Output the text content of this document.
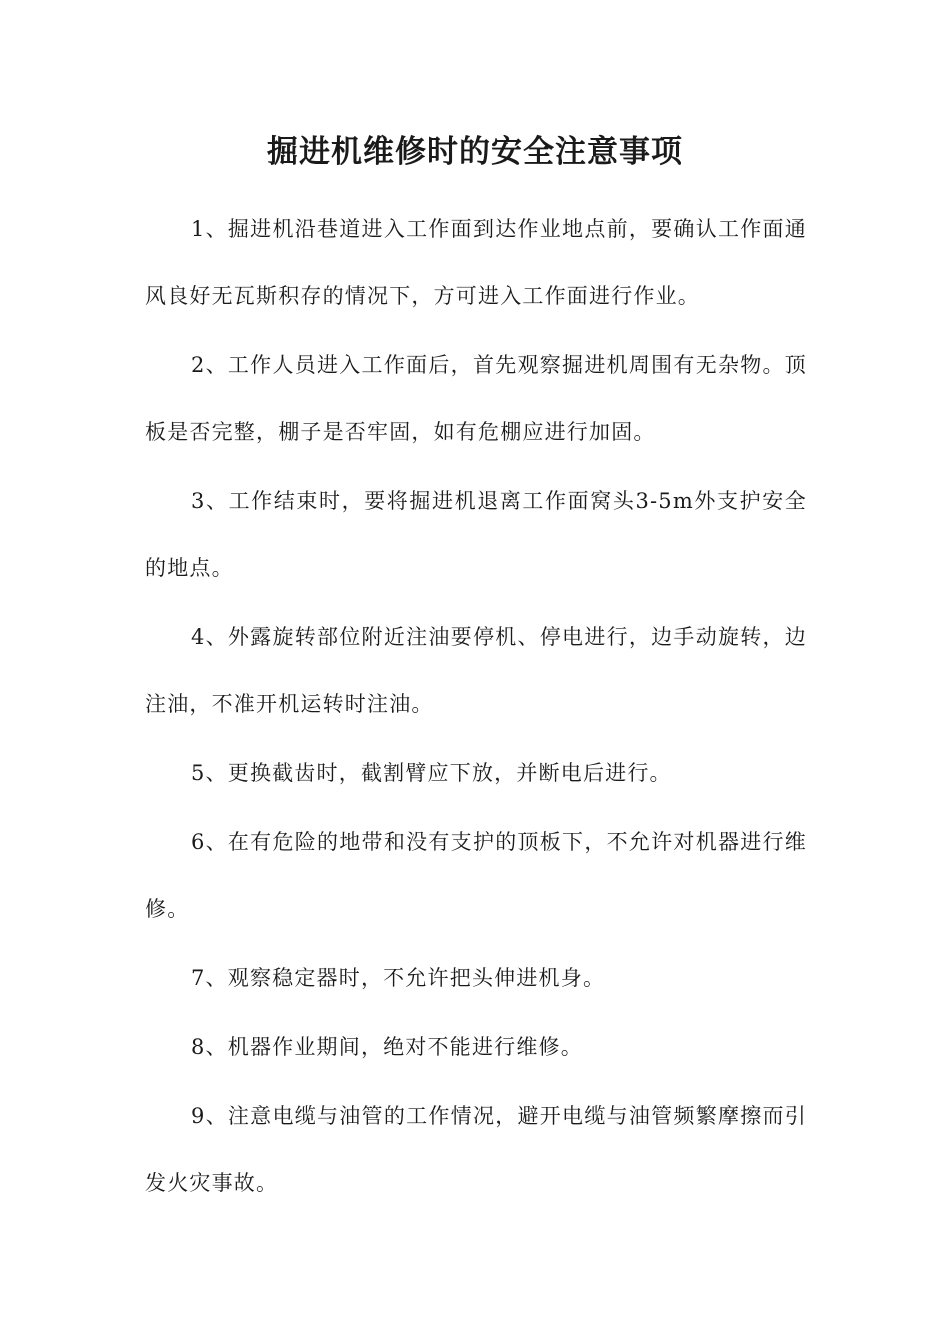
掘进机维修时的安全注意事项

1、掘进机沿巷道进入工作面到达作业地点前，要确认工作面通风良好无瓦斯积存的情况下，方可进入工作面进行作业。

2、工作人员进入工作面后，首先观察掘进机周围有无杂物。顶板是否完整，棚子是否牢固，如有危棚应进行加固。

3、工作结束时，要将掘进机退离工作面窝头3-5m外支护安全的地点。

4、外露旋转部位附近注油要停机、停电进行，边手动旋转，边注油，不准开机运转时注油。

5、更换截齿时，截割臂应下放，并断电后进行。

6、在有危险的地带和没有支护的顶板下，不允许对机器进行维修。

7、观察稳定器时，不允许把头伸进机身。

8、机器作业期间，绝对不能进行维修。

9、注意电缆与油管的工作情况，避开电缆与油管频繁摩擦而引发火灾事故。
